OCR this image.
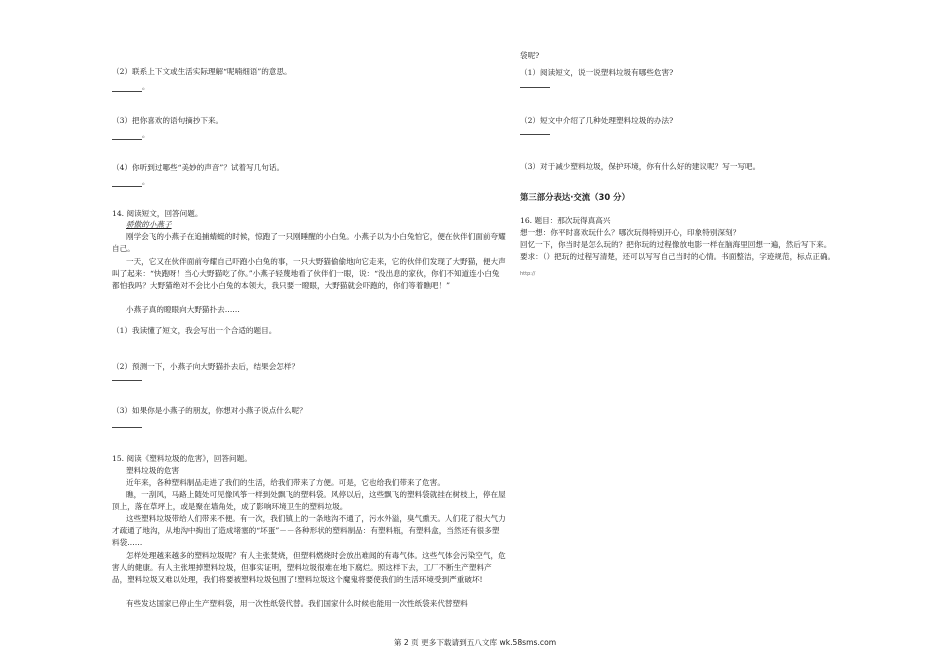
（2）联系上下文或生活实际理解“呢喃细语”的意思。
。
（3）把你喜欢的语句摘抄下来。
。
（4）你听到过哪些“美妙的声音”？试着写几句话。
。
14. 阅读短文，回答问题。
骄傲的小燕子
刚学会飞的小燕子在追捕蜻蜓的时候，惊跑了一只刚睡醒的小白兔。小燕子以为小白兔怕它，便在伙伴们面前夸耀自己。
一天，它又在伙伴面前夸耀自己吓跑小白兔的事，一只大野猫偷偷地向它走来，它的伙伴们发现了大野猫，便大声叫了起来：“快跑呀！当心大野猫吃了你。”小燕子轻蔑地看了伙伴们一眼，说：“没出息的家伙，你们不知道连小白兔都怕我吗？大野猫绝对不会比小白兔的本领大，我只要一瞪眼，大野猫就会吓跑的，你们等着瞧吧！”
小燕子真的瞪眼向大野猫扑去……
（1）我读懂了短文，我会写出一个合适的题目。
（2）预测一下，小燕子向大野猫扑去后，结果会怎样？
（3）如果你是小燕子的朋友，你想对小燕子说点什么呢？
15. 阅读《塑料垃圾的危害》，回答问题。
塑料垃圾的危害
近年来，各种塑料制品走进了我们的生活，给我们带来了方便。可是，它也给我们带来了危害。
瞧，一刮风，马路上随处可见像风筝一样到处飘飞的塑料袋。风停以后，这些飘飞的塑料袋就挂在树枝上，停在屋顶上，落在草坪上，或是聚在墙角处，成了影响环境卫生的塑料垃圾。
这些塑料垃圾带给人们带来不便。有一次，我们镇上的一条地沟不通了，污水外溢，臭气熏天。人们花了很大气力才疏通了地沟，从地沟中掏出了造成堵塞的“坏蛋”－－各种形状的塑料制品：有塑料瓶，有塑料盒，当然还有很多塑料袋……
怎样处理越来越多的塑料垃圾呢？有人主张焚烧，但塑料燃烧时会放出难闻的有毒气体。这些气体会污染空气，危害人的健康。有人主张埋掉塑料垃圾，但事实证明，塑料垃圾很难在地下腐烂。照这样下去，工厂不断生产塑料产品，塑料垃圾又难以处理，我们将要被塑料垃圾包围了!塑料垃圾这个魔鬼将要使我们的生活环境受到严重破坏!
有些发达国家已停止生产塑料袋，用一次性纸袋代替。我们国家什么时候也能用一次性纸袋来代替塑料
袋呢?
（1）阅读短文，说一说塑料垃圾有哪些危害?
（2）短文中介绍了几种处理塑料垃圾的办法?
（3）对于减少塑料垃圾，保护环境，你有什么好的建议呢？写一写吧。
第三部分表达·交流（30 分）
16. 题目：那次玩得真高兴
想一想：你平时喜欢玩什么？哪次玩得特别开心，印象特别深刻？
回忆一下，你当时是怎么玩的？把你玩的过程像放电影一样在脑海里回想一遍，然后写下来。
要求：（）把玩的过程写清楚，还可以写写自己当时的心情。书面整洁，字迹规范，标点正确。
http://
第 2 页 更多下载请到五八文库 wk.58sms.com
